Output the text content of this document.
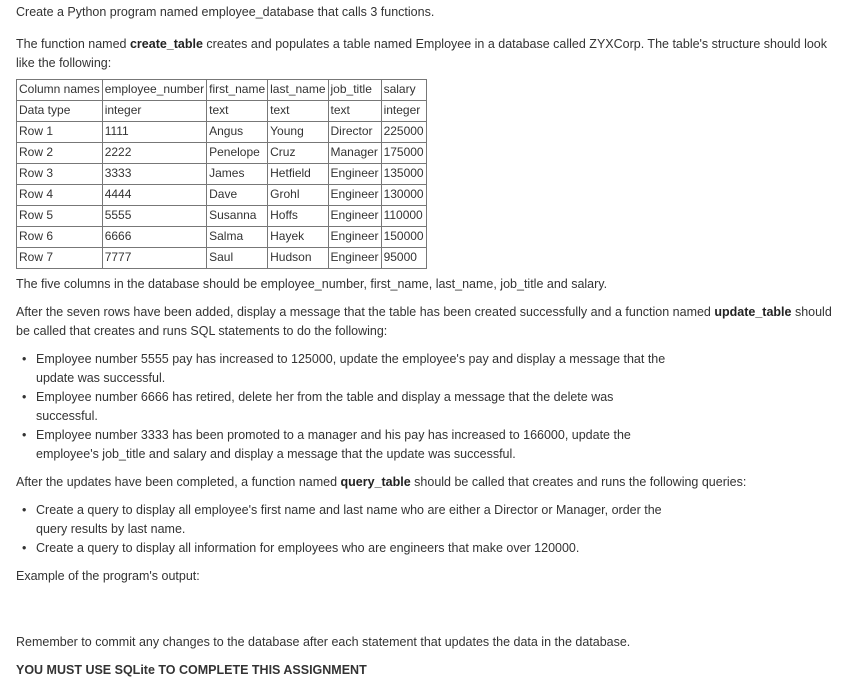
Create a Python program named employee_database that calls 3 functions.

The function named create_table creates and populates a table named Employee in a database called ZYXCorp. The table's structure should look like the following:

Column names	employee_number	first_name	last_name	job_title	salary
Data type	integer	text	text	text	integer
Row 1	1111	Angus	Young	Director	225000
Row 2	2222	Penelope	Cruz	Manager	175000
Row 3	3333	James	Hetfield	Engineer	135000
Row 4	4444	Dave	Grohl	Engineer	130000
Row 5	5555	Susanna	Hoffs	Engineer	110000
Row 6	6666	Salma	Hayek	Engineer	150000
Row 7	7777	Saul	Hudson	Engineer	95000

The five columns in the database should be employee_number, first_name, last_name, job_title and salary.

After the seven rows have been added, display a message that the table has been created successfully and a function named update_table should be called that creates and runs SQL statements to do the following:

• Employee number 5555 pay has increased to 125000, update the employee's pay and display a message that the update was successful.
• Employee number 6666 has retired, delete her from the table and display a message that the delete was successful.
• Employee number 3333 has been promoted to a manager and his pay has increased to 166000, update the employee's job_title and salary and display a message that the update was successful.

After the updates have been completed, a function named query_table should be called that creates and runs the following queries:

• Create a query to display all employee's first name and last name who are either a Director or Manager, order the query results by last name.
• Create a query to display all information for employees who are engineers that make over 120000.

Example of the program's output:

Remember to commit any changes to the database after each statement that updates the data in the database.

YOU MUST USE SQLite TO COMPLETE THIS ASSIGNMENT
